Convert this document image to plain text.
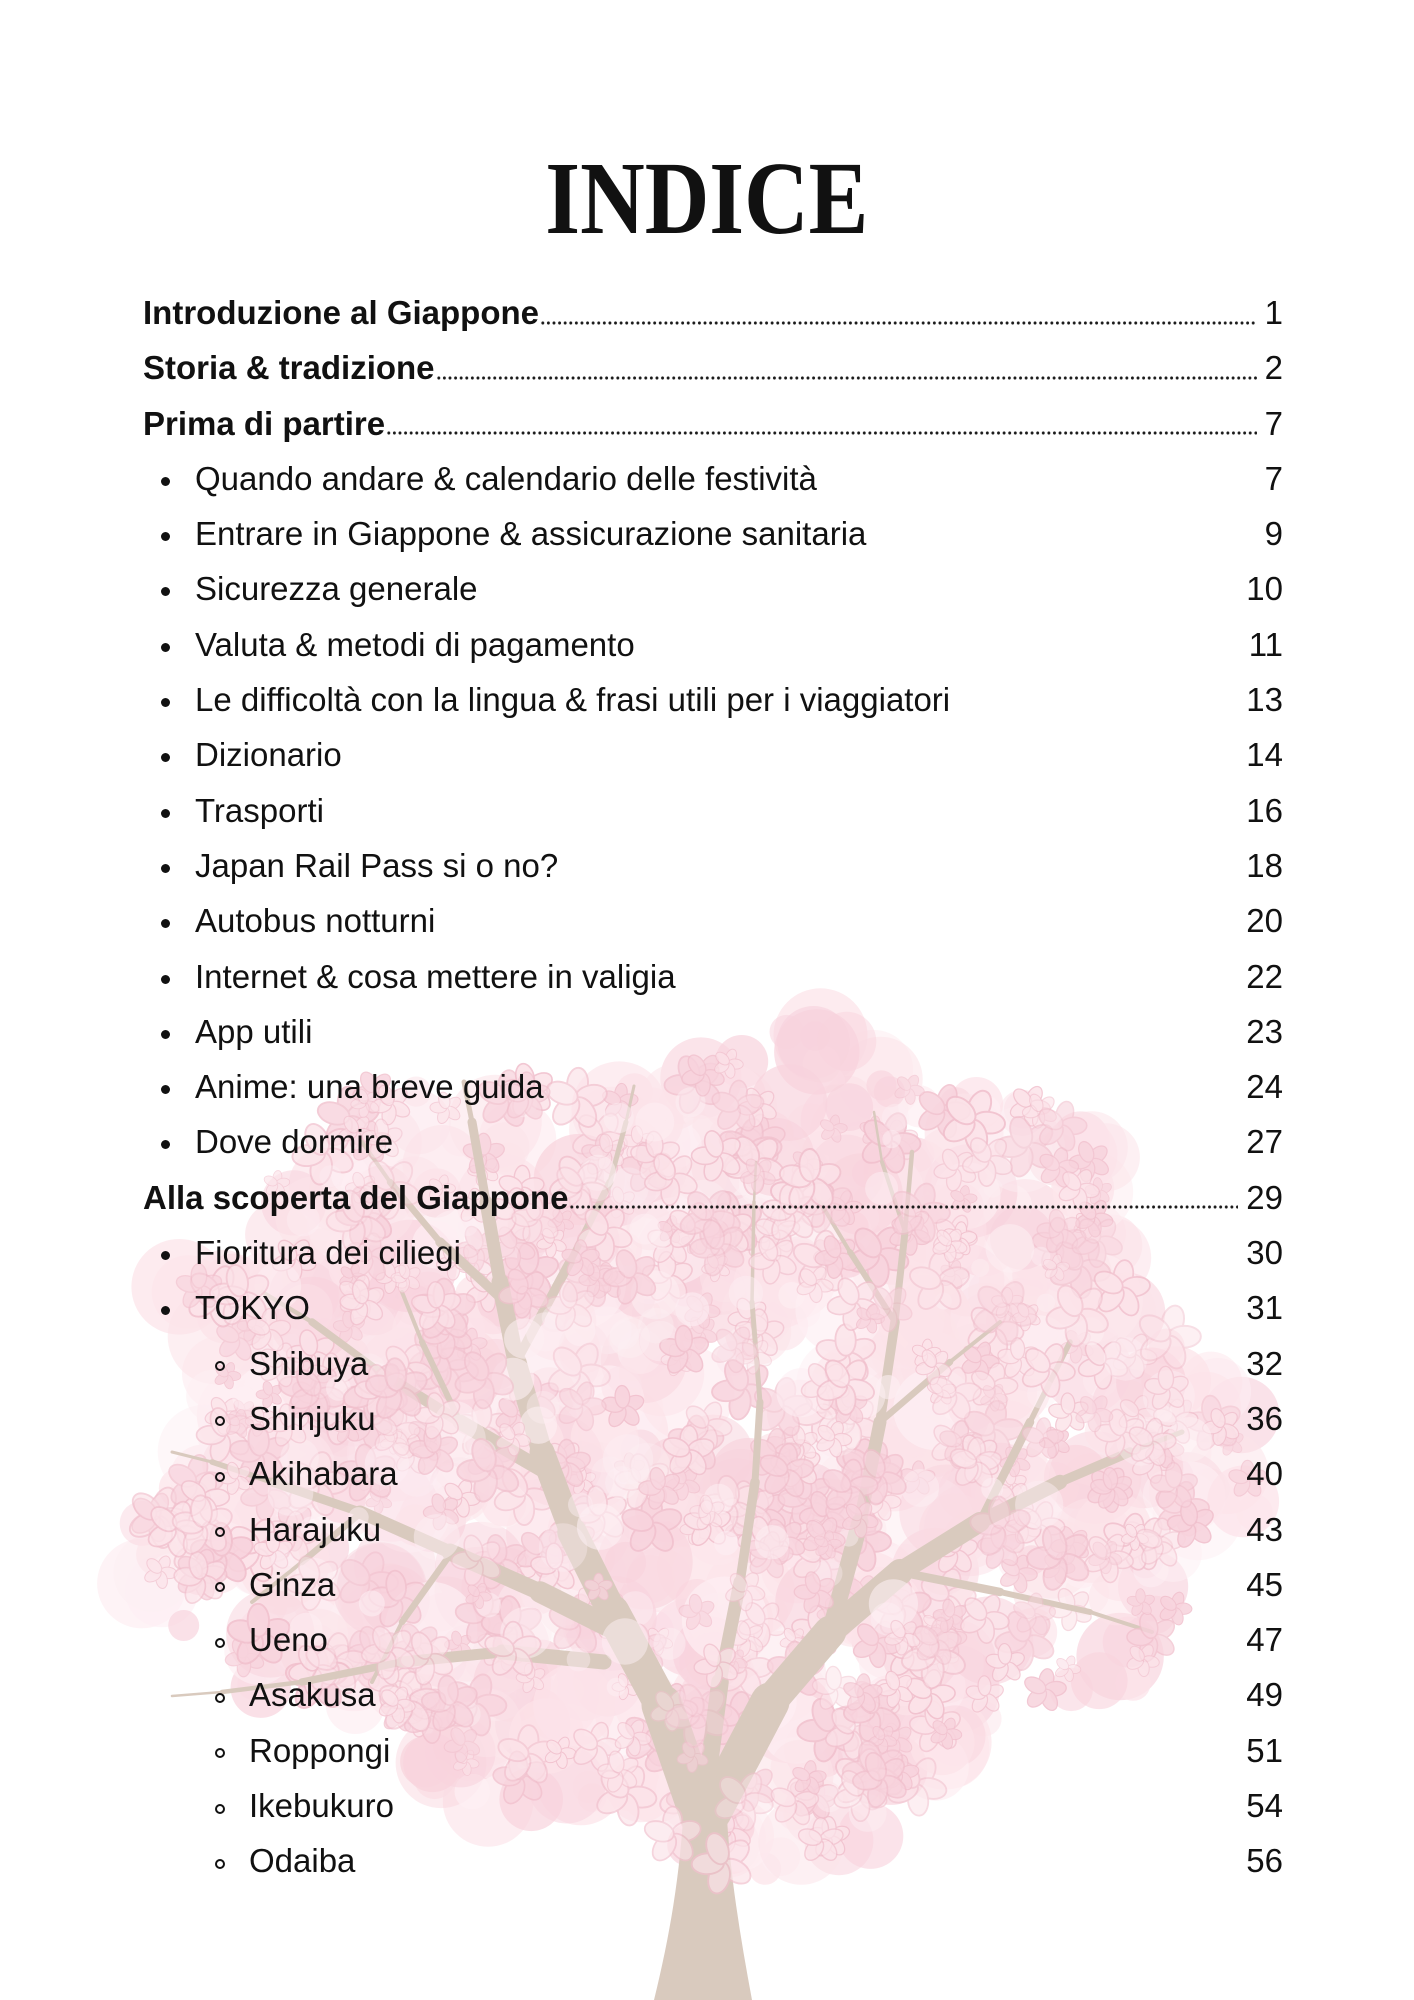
INDICE
Introduzione al Giappone	1
Storia & tradizione	2
Prima di partire	7
Quando andare & calendario delle festività	7
Entrare in Giappone & assicurazione sanitaria	9
Sicurezza generale	10
Valuta & metodi di pagamento	11
Le difficoltà con la lingua & frasi utili per i viaggiatori	13
Dizionario	14
Trasporti	16
Japan Rail Pass si o no?	18
Autobus notturni	20
Internet & cosa mettere in valigia	22
App utili	23
Anime: una breve guida	24
Dove dormire	27
Alla scoperta del Giappone	29
Fioritura dei ciliegi	30
TOKYO	31
Shibuya	32
Shinjuku	36
Akihabara	40
Harajuku	43
Ginza	45
Ueno	47
Asakusa	49
Roppongi	51
Ikebukuro	54
Odaiba	56
